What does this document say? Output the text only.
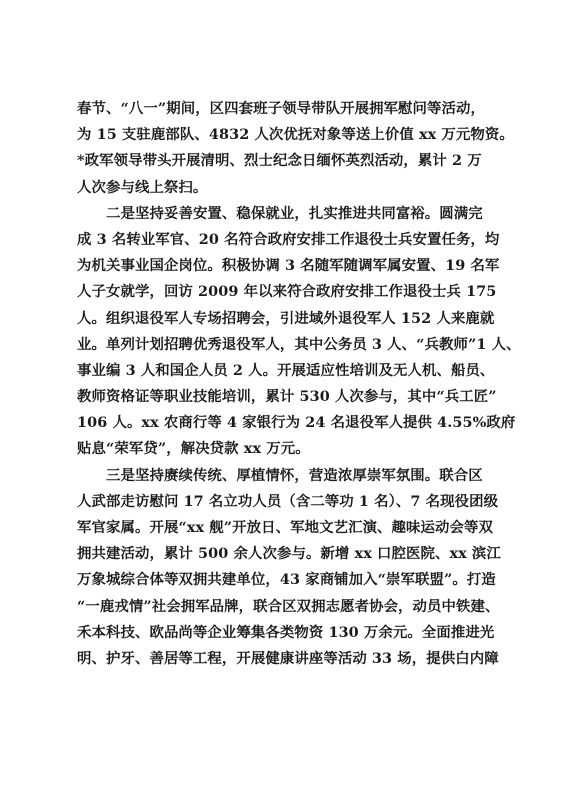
春节、“八一”期间，区四套班子领导带队开展拥军慰问等活动，
为 15 支驻鹿部队、4832 人次优抚对象等送上价值 xx 万元物资。
*政军领导带头开展清明、烈士纪念日缅怀英烈活动，累计 2 万
人次参与线上祭扫。
二是坚持妥善安置、稳保就业，扎实推进共同富裕。圆满完
成 3 名转业军官、20 名符合政府安排工作退役士兵安置任务，均
为机关事业国企岗位。积极协调 3 名随军随调军属安置、19 名军
人子女就学，回访 2009 年以来符合政府安排工作退役士兵 175
人。组织退役军人专场招聘会，引进域外退役军人 152 人来鹿就
业。单列计划招聘优秀退役军人，其中公务员 3 人、“兵教师”1 人、
事业编 3 人和国企人员 2 人。开展适应性培训及无人机、船员、
教师资格证等职业技能培训，累计 530 人次参与，其中“兵工匠”
106 人。xx 农商行等 4 家银行为 24 名退役军人提供 4.55%政府
贴息“荣军贷”，解决贷款 xx 万元。
三是坚持赓续传统、厚植情怀，营造浓厚崇军氛围。联合区
人武部走访慰问 17 名立功人员（含二等功 1 名）、7 名现役团级
军官家属。开展“xx 舰”开放日、军地文艺汇演、趣味运动会等双
拥共建活动，累计 500 余人次参与。新增 xx 口腔医院、xx 滨江
万象城综合体等双拥共建单位，43 家商铺加入“崇军联盟”。打造
“一鹿戎情”社会拥军品牌，联合区双拥志愿者协会，动员中铁建、
禾本科技、欧品尚等企业筹集各类物资 130 万余元。全面推进光
明、护牙、善居等工程，开展健康讲座等活动 33 场，提供白内障
